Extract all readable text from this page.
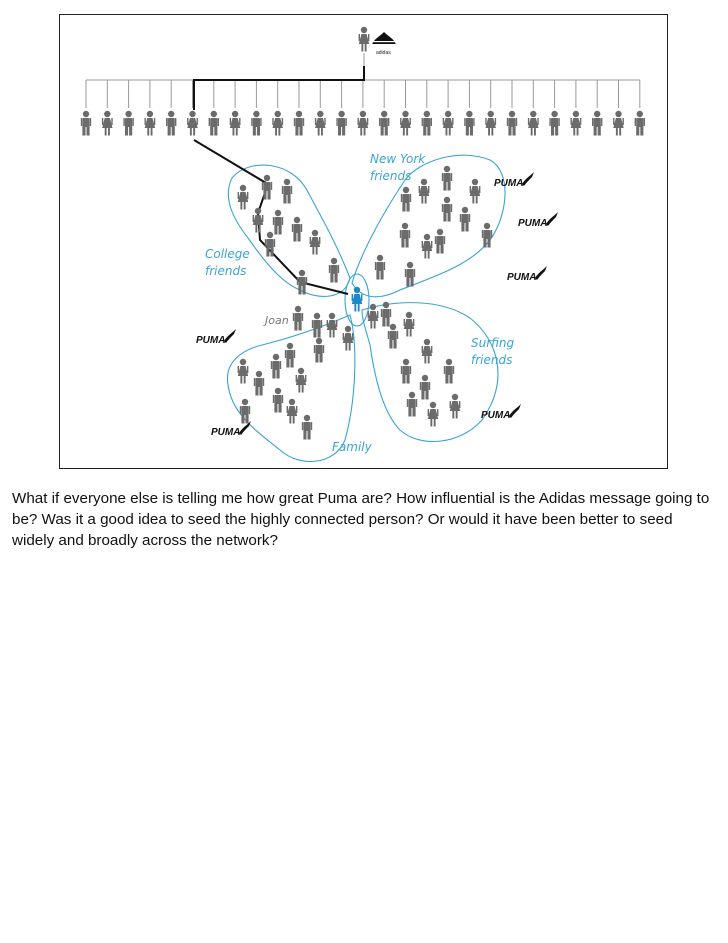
New York
friends
College
friends
Surfing
friends
Family
Joan
adidas
PUMA
PUMA
PUMA
PUMA
PUMA
PUMA

What if everyone else is telling me how great Puma are? How influential is the Adidas message going to be? Was it a good idea to seed the highly connected person? Or would it have been better to seed widely and broadly across the network?
